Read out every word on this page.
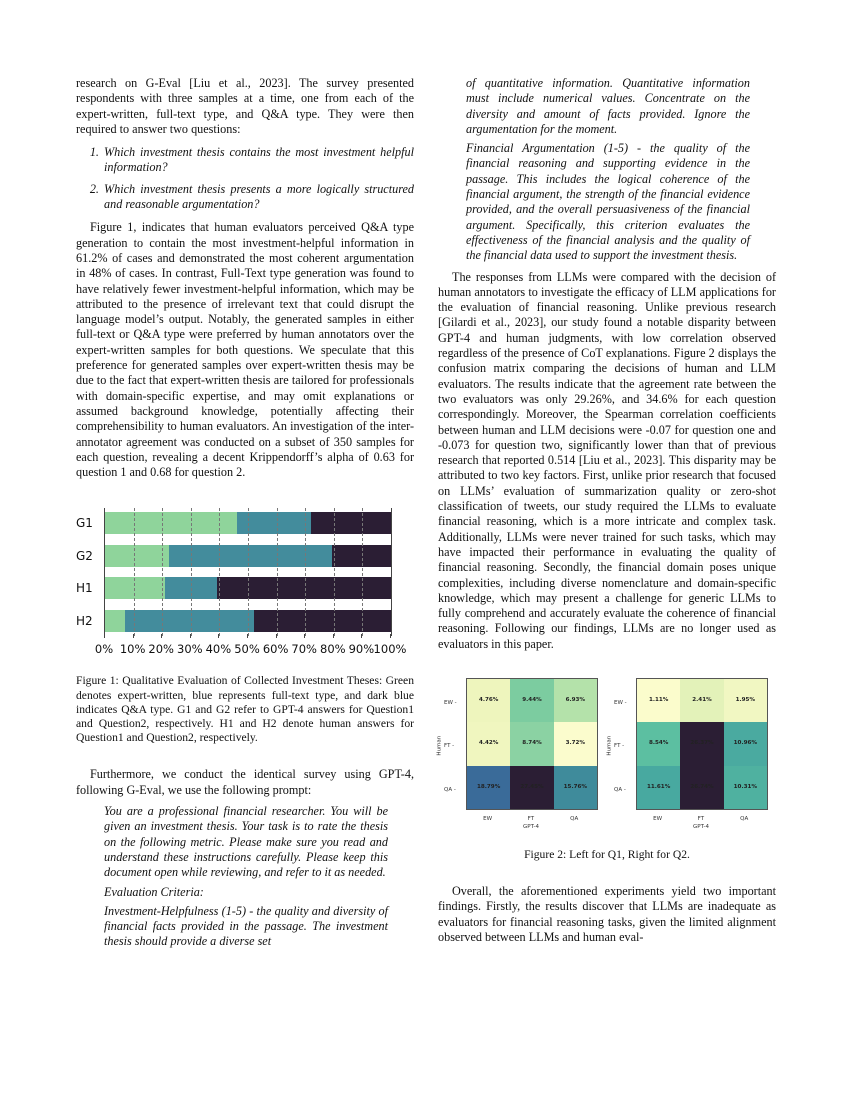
research on G-Eval [Liu et al., 2023]. The survey presented respondents with three samples at a time, one from each of the expert-written, full-text type, and Q&A type. They were then required to answer two questions:

1. Which investment thesis contains the most investment helpful information?
2. Which investment thesis presents a more logically structured and reasonable argumentation?

Figure 1, indicates that human evaluators perceived Q&A type generation to contain the most investment-helpful information in 61.2% of cases and demonstrated the most coherent argumentation in 48% of cases. In contrast, Full-Text type generation was found to have relatively fewer investment-helpful information, which may be attributed to the presence of irrelevant text that could disrupt the language model’s output. Notably, the generated samples in either full-text or Q&A type were preferred by human annotators over the expert-written samples for both questions. We speculate that this preference for generated samples over expert-written thesis may be due to the fact that expert-written thesis are tailored for professionals with domain-specific expertise, and may omit explanations or assumed background knowledge, potentially affecting their comprehensibility to human evaluators. An investigation of the inter-annotator agreement was conducted on a subset of 350 samples for each question, revealing a decent Krippendorff’s alpha of 0.63 for question 1 and 0.68 for question 2.

G1
G2
H1
H2
0% 10% 20% 30% 40% 50% 60% 70% 80% 90% 100%

Figure 1: Qualitative Evaluation of Collected Investment Theses: Green denotes expert-written, blue represents full-text type, and dark blue indicates Q&A type. G1 and G2 refer to GPT-4 answers for Question1 and Question2, respectively. H1 and H2 denote human answers for Question1 and Question2, respectively.

Furthermore, we conduct the identical survey using GPT-4, following G-Eval, we use the following prompt:

You are a professional financial researcher. You will be given an investment thesis. Your task is to rate the thesis on the following metric. Please make sure you read and understand these instructions carefully. Please keep this document open while reviewing, and refer to it as needed.

Evaluation Criteria:

Investment-Helpfulness (1-5) - the quality and diversity of financial facts provided in the passage. The investment thesis should provide a diverse set

of quantitative information. Quantitative information must include numerical values. Concentrate on the diversity and amount of facts provided. Ignore the argumentation for the moment.

Financial Argumentation (1-5) - the quality of the financial reasoning and supporting evidence in the passage. This includes the logical coherence of the financial argument, the strength of the financial evidence provided, and the overall persuasiveness of the financial argument. Specifically, this criterion evaluates the effectiveness of the financial analysis and the quality of the financial data used to support the investment thesis.

The responses from LLMs were compared with the decision of human annotators to investigate the efficacy of LLM applications for the evaluation of financial reasoning. Unlike previous research [Gilardi et al., 2023], our study found a notable disparity between GPT-4 and human judgments, with low correlation observed regardless of the presence of CoT explanations. Figure 2 displays the confusion matrix comparing the decisions of human and LLM evaluators. The results indicate that the agreement rate between the two evaluators was only 29.26%, and 34.6% for each question correspondingly. Moreover, the Spearman correlation coefficients between human and LLM decisions were -0.07 for question one and -0.073 for question two, significantly lower than that of previous research that reported 0.514 [Liu et al., 2023]. This disparity may be attributed to two key factors. First, unlike prior research that focused on LLMs’ evaluation of summarization quality or zero-shot classification of tweets, our study required the LLMs to evaluate financial reasoning, which is a more intricate and complex task. Additionally, LLMs were never trained for such tasks, which may have impacted their performance in evaluating the quality of financial reasoning. Secondly, the financial domain poses unique complexities, including diverse nomenclature and domain-specific knowledge, which may present a challenge for generic LLMs to fully comprehend and accurately evaluate the coherence of financial reasoning. Following our findings, LLMs are no longer used as evaluators in this paper.

4.76%	9.44%	6.93%
4.42%	8.74%	3.72%
18.79%	27.45%	15.76%
EW -
FT -
QA -
EW	FT	QA
GPT-4
Human
1.11%	2.41%	1.95%
8.54%	26.37%	10.96%
11.61%	26.74%	10.31%
EW -
FT -
QA -
EW	FT	QA
GPT-4
Human

Figure 2: Left for Q1, Right for Q2.

Overall, the aforementioned experiments yield two important findings. Firstly, the results discover that LLMs are inadequate as evaluators for financial reasoning tasks, given the limited alignment observed between LLMs and human eval-
